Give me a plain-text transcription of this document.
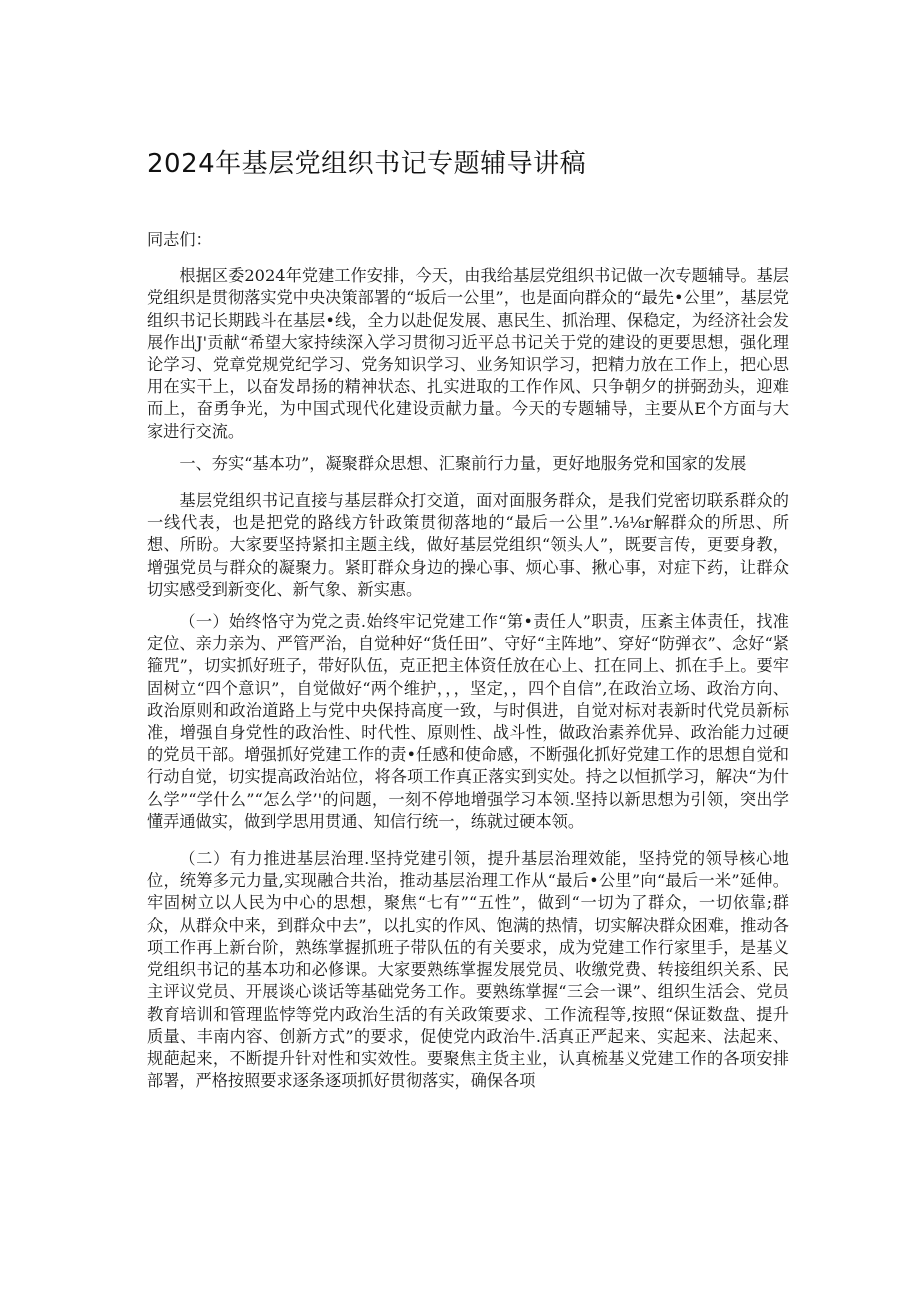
2024年基层党组织书记专题辅导讲稿

同志们：

根据区委2024年党建工作安排，今天，由我给基层党组织书记做一次专题辅导。基层党组织是贯彻落实党中央决策部署的“坂后一公里”，也是面向群众的“最先•公里”，基层党组织书记长期践斗在基层•线，全力以赴促发展、惠民生、抓治理、保稳定，为经济社会发展作出J'贡献“希望大家持续深入学习贯彻习近平总书记关于党的建设的更要思想，强化理论学习、党章党规党纪学习、党务知识学习、业务知识学习，把精力放在工作上，把心思用在实干上，以奋发昂扬的精神状态、扎实进取的工作作风、只争朝夕的拼弼劲头，迎难而上，奋勇争光，为中国式现代化建设贡献力量。今天的专题辅导，主要从E个方面与大家进行交流。

一、夯实“基本功”，凝聚群众思想、汇聚前行力量，更好地服务党和国家的发展

基层党组织书记直接与基层群众打交道，面对面服务群众，是我们党密切联系群众的一线代表，也是把党的路线方针政策贯彻落地的“最后一公里”.⅛⅛r解群众的所思、所想、所盼。大家要坚持紧扣主题主线，做好基层党组织“领头人”，既要言传，更要身教，增强党员与群众的凝聚力。紧盯群众身边的操心事、烦心事、揪心事，对症下药，让群众切实感受到新变化、新气象、新实惠。

（一）始终恪守为党之责.始终牢记党建工作“第•责任人”职责，压紊主体责任，找准定位、亲力亲为、严管严治，自觉种好“货任田”、守好“主阵地”、穿好“防弹衣”、念好“紧箍咒”，切实抓好班子，带好队伍，克正把主体资任放在心上、扛在同上、抓在手上。要牢固树立“四个意识”，自觉做好“两个维护，，，坚定，，四个自信”,在政治立场、政治方向、政治原则和政治道路上与党中央保持高度一致，与时俱进，自觉对标对表新时代党员新标准，增强自身党性的政治性、时代性、原则性、战斗性，做政治素养优异、政治能力过硬的党员干部。增强抓好党建工作的责•任感和使命感，不断强化抓好党建工作的思想自觉和行动自觉，切实提高政治站位，将各项工作真正落实到实处。持之以恒抓学习，解决“为什么学”“学什么”“怎么学’'的问题，一刻不停地增强学习本领.坚持以新思想为引领，突出学懂弄通做实，做到学思用贯通、知信行统一，练就过硬本领。

（二）有力推进基层治理.坚持党建引领，提升基层治理效能，坚持党的领导核心地位，统筹多元力量,实现融合共治，推动基层治理工作从“最后•公里”向“最后一米”延伸。牢固树立以人民为中心的思想，聚焦“七有”“五性”，做到“一切为了群众，一切依靠;群众，从群众中来，到群众中去”，以扎实的作风、饱满的热情，切实解决群众困难，推动各项工作再上新台阶，熟练掌握抓班子带队伍的有关要求，成为党建工作行家里手，是基义党组织书记的基本功和必修课。大家要熟练掌握发展党员、收缴党费、转接组织关系、民主评议党员、开展谈心谈话等基础党务工作。要熟练掌握“三会一课”、组织生活会、党员教育培训和管理监悖等党内政治生活的有关政策要求、工作流程等,按照“保证数盘、提升质量、丰南内容、创新方式”的要求，促使党内政治牛.活真正严起来、实起来、法起来、规葩起来，不断提升针对性和实效性。要聚焦主货主业，认真梳基义党建工作的各项安排部署，严格按照要求逐条逐项抓好贯彻落实，确保各项
